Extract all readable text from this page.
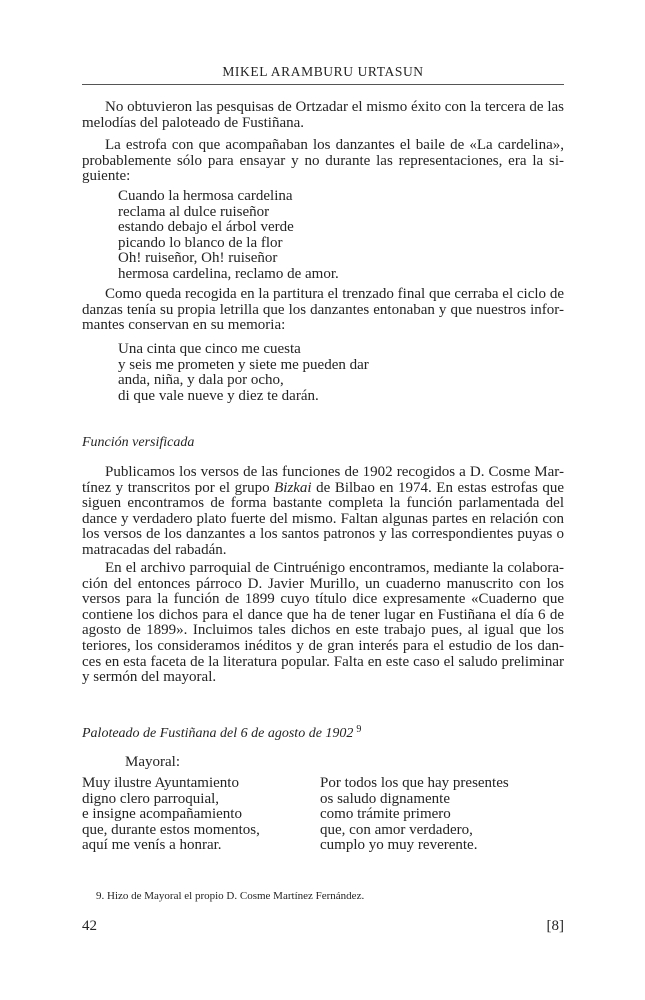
MIKEL ARAMBURU URTASUN
No obtuvieron las pesquisas de Ortzadar el mismo éxito con la tercera de las
melodías del paloteado de Fustiñana.
La estrofa con que acompañaban los danzantes el baile de «La cardelina»,
probablemente sólo para ensayar y no durante las representaciones, era la si-
guiente:
Cuando la hermosa cardelina
reclama al dulce ruiseñor
estando debajo el árbol verde
picando lo blanco de la flor
Oh! ruiseñor, Oh! ruiseñor
hermosa cardelina, reclamo de amor.
Como queda recogida en la partitura el trenzado final que cerraba el ciclo de
danzas tenía su propia letrilla que los danzantes entonaban y que nuestros infor-
mantes conservan en su memoria:
Una cinta que cinco me cuesta
y seis me prometen y siete me pueden dar
anda, niña, y dala por ocho,
di que vale nueve y diez te darán.
Función versificada
Publicamos los versos de las funciones de 1902 recogidos a D. Cosme Mar-
tínez y transcritos por el grupo Bizkai de Bilbao en 1974. En estas estrofas que
siguen encontramos de forma bastante completa la función parlamentada del
dance y verdadero plato fuerte del mismo. Faltan algunas partes en relación con
los versos de los danzantes a los santos patronos y las correspondientes puyas o
matracadas del rabadán.
En el archivo parroquial de Cintruénigo encontramos, mediante la colabora-
ción del entonces párroco D. Javier Murillo, un cuaderno manuscrito con los
versos para la función de 1899 cuyo título dice expresamente «Cuaderno que
contiene los dichos para el dance que ha de tener lugar en Fustiñana el día 6 de
agosto de 1899». Incluimos tales dichos en este trabajo pues, al igual que los
teriores, los consideramos inéditos y de gran interés para el estudio de los dan-
ces en esta faceta de la literatura popular. Falta en este caso el saludo preliminar
y sermón del mayoral.
Paloteado de Fustiñana del 6 de agosto de 1902 $^9$
Mayoral:
Muy ilustre Ayuntamiento
digno clero parroquial,
e insigne acompañamiento
que, durante estos momentos,
aquí me venís a honrar.
Por todos los que hay presentes
os saludo dignamente
como trámite primero
que, con amor verdadero,
cumplo yo muy reverente.
9. Hizo de Mayoral el propio D. Cosme Martínez Fernández.
42	[8]
